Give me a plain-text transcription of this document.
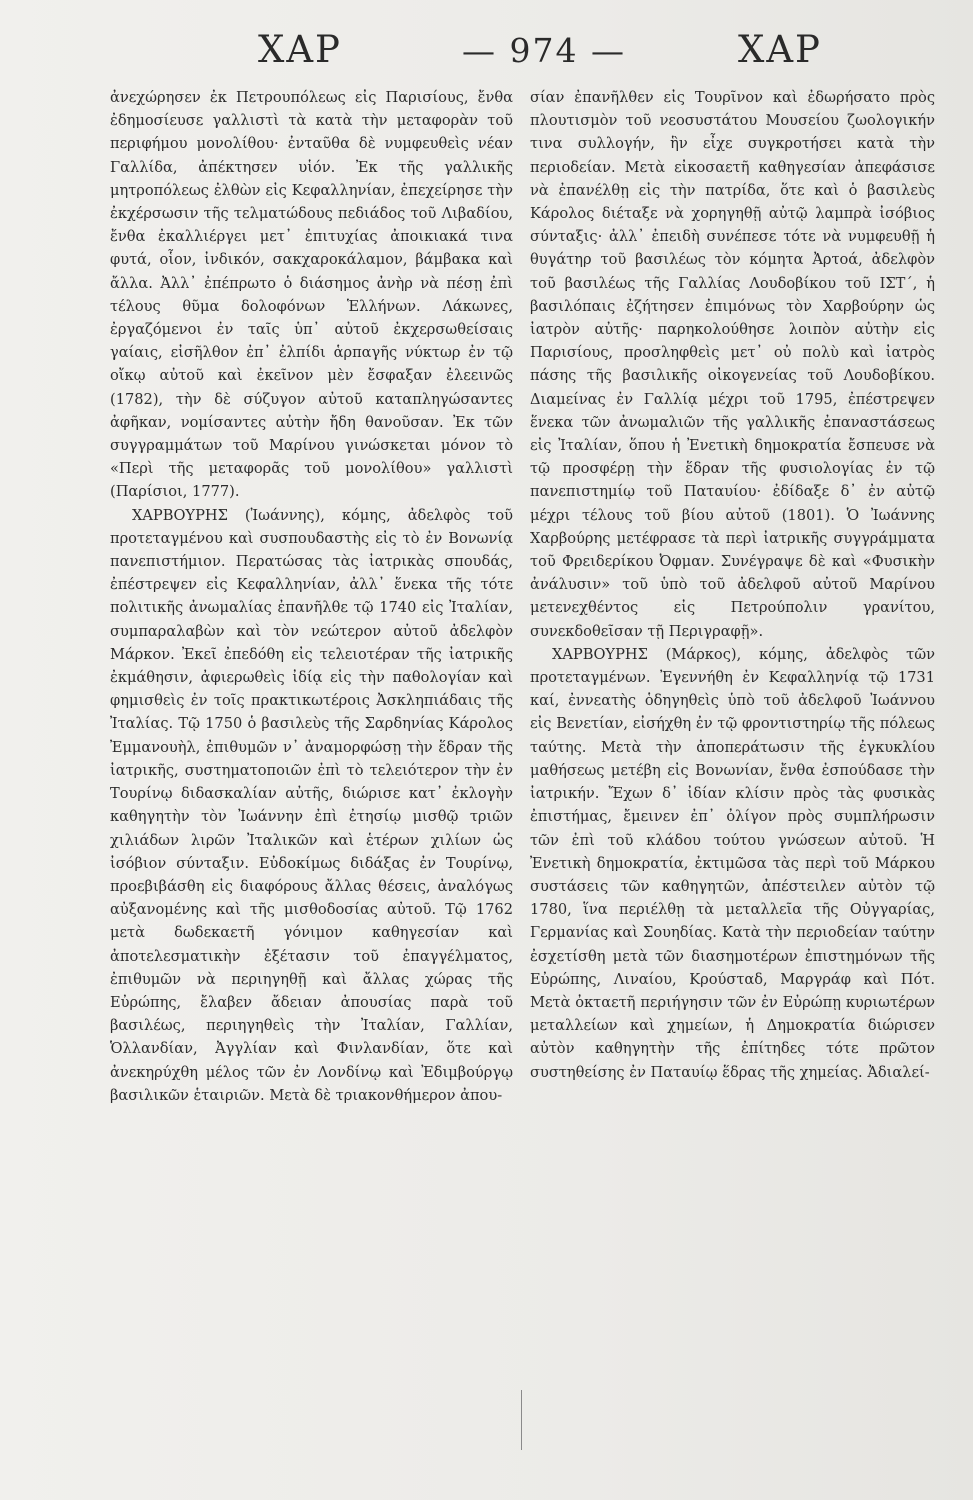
ΧΑΡ	— 974 —	ΧΑΡ

ἀνεχώρησεν ἐκ Πετρουπόλεως εἰς Παρισίους, ἔνθα ἐδημοσίευσε γαλλιστὶ τὰ κατὰ τὴν μεταφορὰν τοῦ περιφήμου μονολίθου· ἐνταῦθα δὲ νυμφευθεὶς νέαν Γαλλίδα, ἀπέκτησεν υἱόν. Ἐκ τῆς γαλλικῆς μητροπόλεως ἐλθὼν εἰς Κεφαλληνίαν, ἐπεχείρησε τὴν ἐκχέρσωσιν τῆς τελματώδους πεδιάδος τοῦ Λιβαδίου, ἔνθα ἐκαλλιέργει μετ᾿ ἐπιτυχίας ἀποικιακά τινα φυτά, οἷον, ἰνδικόν, σακχαροκάλαμον, βάμβακα καὶ ἄλλα. Ἀλλ᾿ ἐπέπρωτο ὁ διάσημος ἀνὴρ νὰ πέσῃ ἐπὶ τέλους θῦμα δολοφόνων Ἑλλήνων. Λάκωνες, ἐργαζόμενοι ἐν ταῖς ὑπ᾿ αὐτοῦ ἐκχερσωθείσαις γαίαις, εἰσῆλθον ἐπ᾿ ἐλπίδι ἁρπαγῆς νύκτωρ ἐν τῷ οἴκῳ αὐτοῦ καὶ ἐκεῖνον μὲν ἔσφαξαν ἐλεεινῶς (1782), τὴν δὲ σύζυγον αὐτοῦ καταπληγώσαντες ἀφῆκαν, νομίσαντες αὐτὴν ἤδη θανοῦσαν. Ἐκ τῶν συγγραμμάτων τοῦ Μαρίνου γινώσκεται μόνον τὸ «Περὶ τῆς μεταφορᾶς τοῦ μονολίθου» γαλλιστὶ (Παρίσιοι, 1777).

ΧΑΡΒΟΥΡΗΣ (Ἰωάννης), κόμης, ἀδελφὸς τοῦ προτεταγμένου καὶ συσπουδαστὴς εἰς τὸ ἐν Βονωνίᾳ πανεπιστήμιον. Περατώσας τὰς ἰατρικὰς σπουδάς, ἐπέστρεψεν εἰς Κεφαλληνίαν, ἀλλ᾿ ἕνεκα τῆς τότε πολιτικῆς ἀνωμαλίας ἐπανῆλθε τῷ 1740 εἰς Ἰταλίαν, συμπαραλαβὼν καὶ τὸν νεώτερον αὐτοῦ ἀδελφὸν Μάρκον. Ἐκεῖ ἐπεδόθη εἰς τελειοτέραν τῆς ἰατρικῆς ἐκμάθησιν, ἀφιερωθεὶς ἰδίᾳ εἰς τὴν παθολογίαν καὶ φημισθεὶς ἐν τοῖς πρακτικωτέροις Ἀσκληπιάδαις τῆς Ἰταλίας. Τῷ 1750 ὁ βασιλεὺς τῆς Σαρδηνίας Κάρολος Ἐμμανουὴλ, ἐπιθυμῶν ν᾿ ἀναμορφώσῃ τὴν ἕδραν τῆς ἰατρικῆς, συστηματοποιῶν ἐπὶ τὸ τελειότερον τὴν ἐν Τουρίνῳ διδασκαλίαν αὐτῆς, διώρισε κατ᾿ ἐκλογὴν καθηγητὴν τὸν Ἰωάννην ἐπὶ ἐτησίῳ μισθῷ τριῶν χιλιάδων λιρῶν Ἰταλικῶν καὶ ἑτέρων χιλίων ὡς ἰσόβιον σύνταξιν. Εὐδοκίμως διδάξας ἐν Τουρίνῳ, προεβιβάσθη εἰς διαφόρους ἄλλας θέσεις, ἀναλόγως αὐξανομένης καὶ τῆς μισθοδοσίας αὐτοῦ. Τῷ 1762 μετὰ δωδεκαετῆ γόνιμον καθηγεσίαν καὶ ἀποτελεσματικὴν ἐξέτασιν τοῦ ἐπαγγέλματος, ἐπιθυμῶν νὰ περιηγηθῇ καὶ ἄλλας χώρας τῆς Εὐρώπης, ἔλαβεν ἄδειαν ἀπουσίας παρὰ τοῦ βασιλέως, περιηγηθεὶς τὴν Ἰταλίαν, Γαλλίαν, Ὁλλανδίαν, Ἀγγλίαν καὶ Φινλανδίαν, ὅτε καὶ ἀνεκηρύχθη μέλος τῶν ἐν Λονδίνῳ καὶ Ἐδιμβούργῳ βασιλικῶν ἑταιριῶν. Μετὰ δὲ τριακονθήμερον ἀπου-

σίαν ἐπανῆλθεν εἰς Τουρῖνον καὶ ἐδωρήσατο πρὸς πλουτισμὸν τοῦ νεοσυστάτου Μουσείου ζωολογικήν τινα συλλογήν, ἣν εἶχε συγκροτήσει κατὰ τὴν περιοδείαν. Μετὰ εἰκοσαετῆ καθηγεσίαν ἀπεφάσισε νὰ ἐπανέλθῃ εἰς τὴν πατρίδα, ὅτε καὶ ὁ βασιλεὺς Κάρολος διέταξε νὰ χορηγηθῇ αὐτῷ λαμπρὰ ἰσόβιος σύνταξις· ἀλλ᾿ ἐπειδὴ συνέπεσε τότε νὰ νυμφευθῇ ἡ θυγάτηρ τοῦ βασιλέως τὸν κόμητα Ἀρτοά, ἀδελφὸν τοῦ βασιλέως τῆς Γαλλίας Λουδοβίκου τοῦ ΙΣΤ´, ἡ βασιλόπαις ἐζήτησεν ἐπιμόνως τὸν Χαρβούρην ὡς ἰατρὸν αὐτῆς· παρηκολούθησε λοιπὸν αὐτὴν εἰς Παρισίους, προσληφθεὶς μετ᾿ οὐ πολὺ καὶ ἰατρὸς πάσης τῆς βασιλικῆς οἰκογενείας τοῦ Λουδοβίκου. Διαμείνας ἐν Γαλλίᾳ μέχρι τοῦ 1795, ἐπέστρεψεν ἕνεκα τῶν ἀνωμαλιῶν τῆς γαλλικῆς ἐπαναστάσεως εἰς Ἰταλίαν, ὅπου ἡ Ἐνετικὴ δημοκρατία ἔσπευσε νὰ τῷ προσφέρῃ τὴν ἕδραν τῆς φυσιολογίας ἐν τῷ πανεπιστημίῳ τοῦ Παταυίου· ἐδίδαξε δ᾿ ἐν αὐτῷ μέχρι τέλους τοῦ βίου αὐτοῦ (1801). Ὁ Ἰωάννης Χαρβούρης μετέφρασε τὰ περὶ ἰατρικῆς συγγράμματα τοῦ Φρειδερίκου Ὀφμαν. Συνέγραψε δὲ καὶ «Φυσικὴν ἀνάλυσιν» τοῦ ὑπὸ τοῦ ἀδελφοῦ αὐτοῦ Μαρίνου μετενεχθέντος εἰς Πετρούπολιν γρανίτου, συνεκδοθεῖσαν τῇ Περιγραφῇ».

ΧΑΡΒΟΥΡΗΣ (Μάρκος), κόμης, ἀδελφὸς τῶν προτεταγμένων. Ἐγεννήθη ἐν Κεφαλληνίᾳ τῷ 1731 καί, ἐννεατὴς ὁδηγηθεὶς ὑπὸ τοῦ ἀδελφοῦ Ἰωάννου εἰς Βενετίαν, εἰσήχθη ἐν τῷ φροντιστηρίῳ τῆς πόλεως ταύτης. Μετὰ τὴν ἀποπεράτωσιν τῆς ἐγκυκλίου μαθήσεως μετέβη εἰς Βονωνίαν, ἔνθα ἐσπούδασε τὴν ἰατρικήν. Ἔχων δ᾿ ἰδίαν κλίσιν πρὸς τὰς φυσικὰς ἐπιστήμας, ἔμεινεν ἐπ᾿ ὀλίγον πρὸς συμπλήρωσιν τῶν ἐπὶ τοῦ κλάδου τούτου γνώσεων αὐτοῦ. Ἡ Ἐνετικὴ δημοκρατία, ἐκτιμῶσα τὰς περὶ τοῦ Μάρκου συστάσεις τῶν καθηγητῶν, ἀπέστειλεν αὐτὸν τῷ 1780, ἵνα περιέλθῃ τὰ μεταλλεῖα τῆς Οὐγγαρίας, Γερμανίας καὶ Σουηδίας. Κατὰ τὴν περιοδείαν ταύτην ἐσχετίσθη μετὰ τῶν διασημοτέρων ἐπιστημόνων τῆς Εὐρώπης, Λιναίου, Κρούσταδ, Μαργράφ καὶ Πότ. Μετὰ ὀκταετῆ περιήγησιν τῶν ἐν Εὐρώπῃ κυριωτέρων μεταλλείων καὶ χημείων, ἡ Δημοκρατία διώρισεν αὐτὸν καθηγητὴν τῆς ἐπίτηδες τότε πρῶτον συστηθείσης ἐν Παταυίῳ ἕδρας τῆς χημείας. Ἀδιαλεί-
